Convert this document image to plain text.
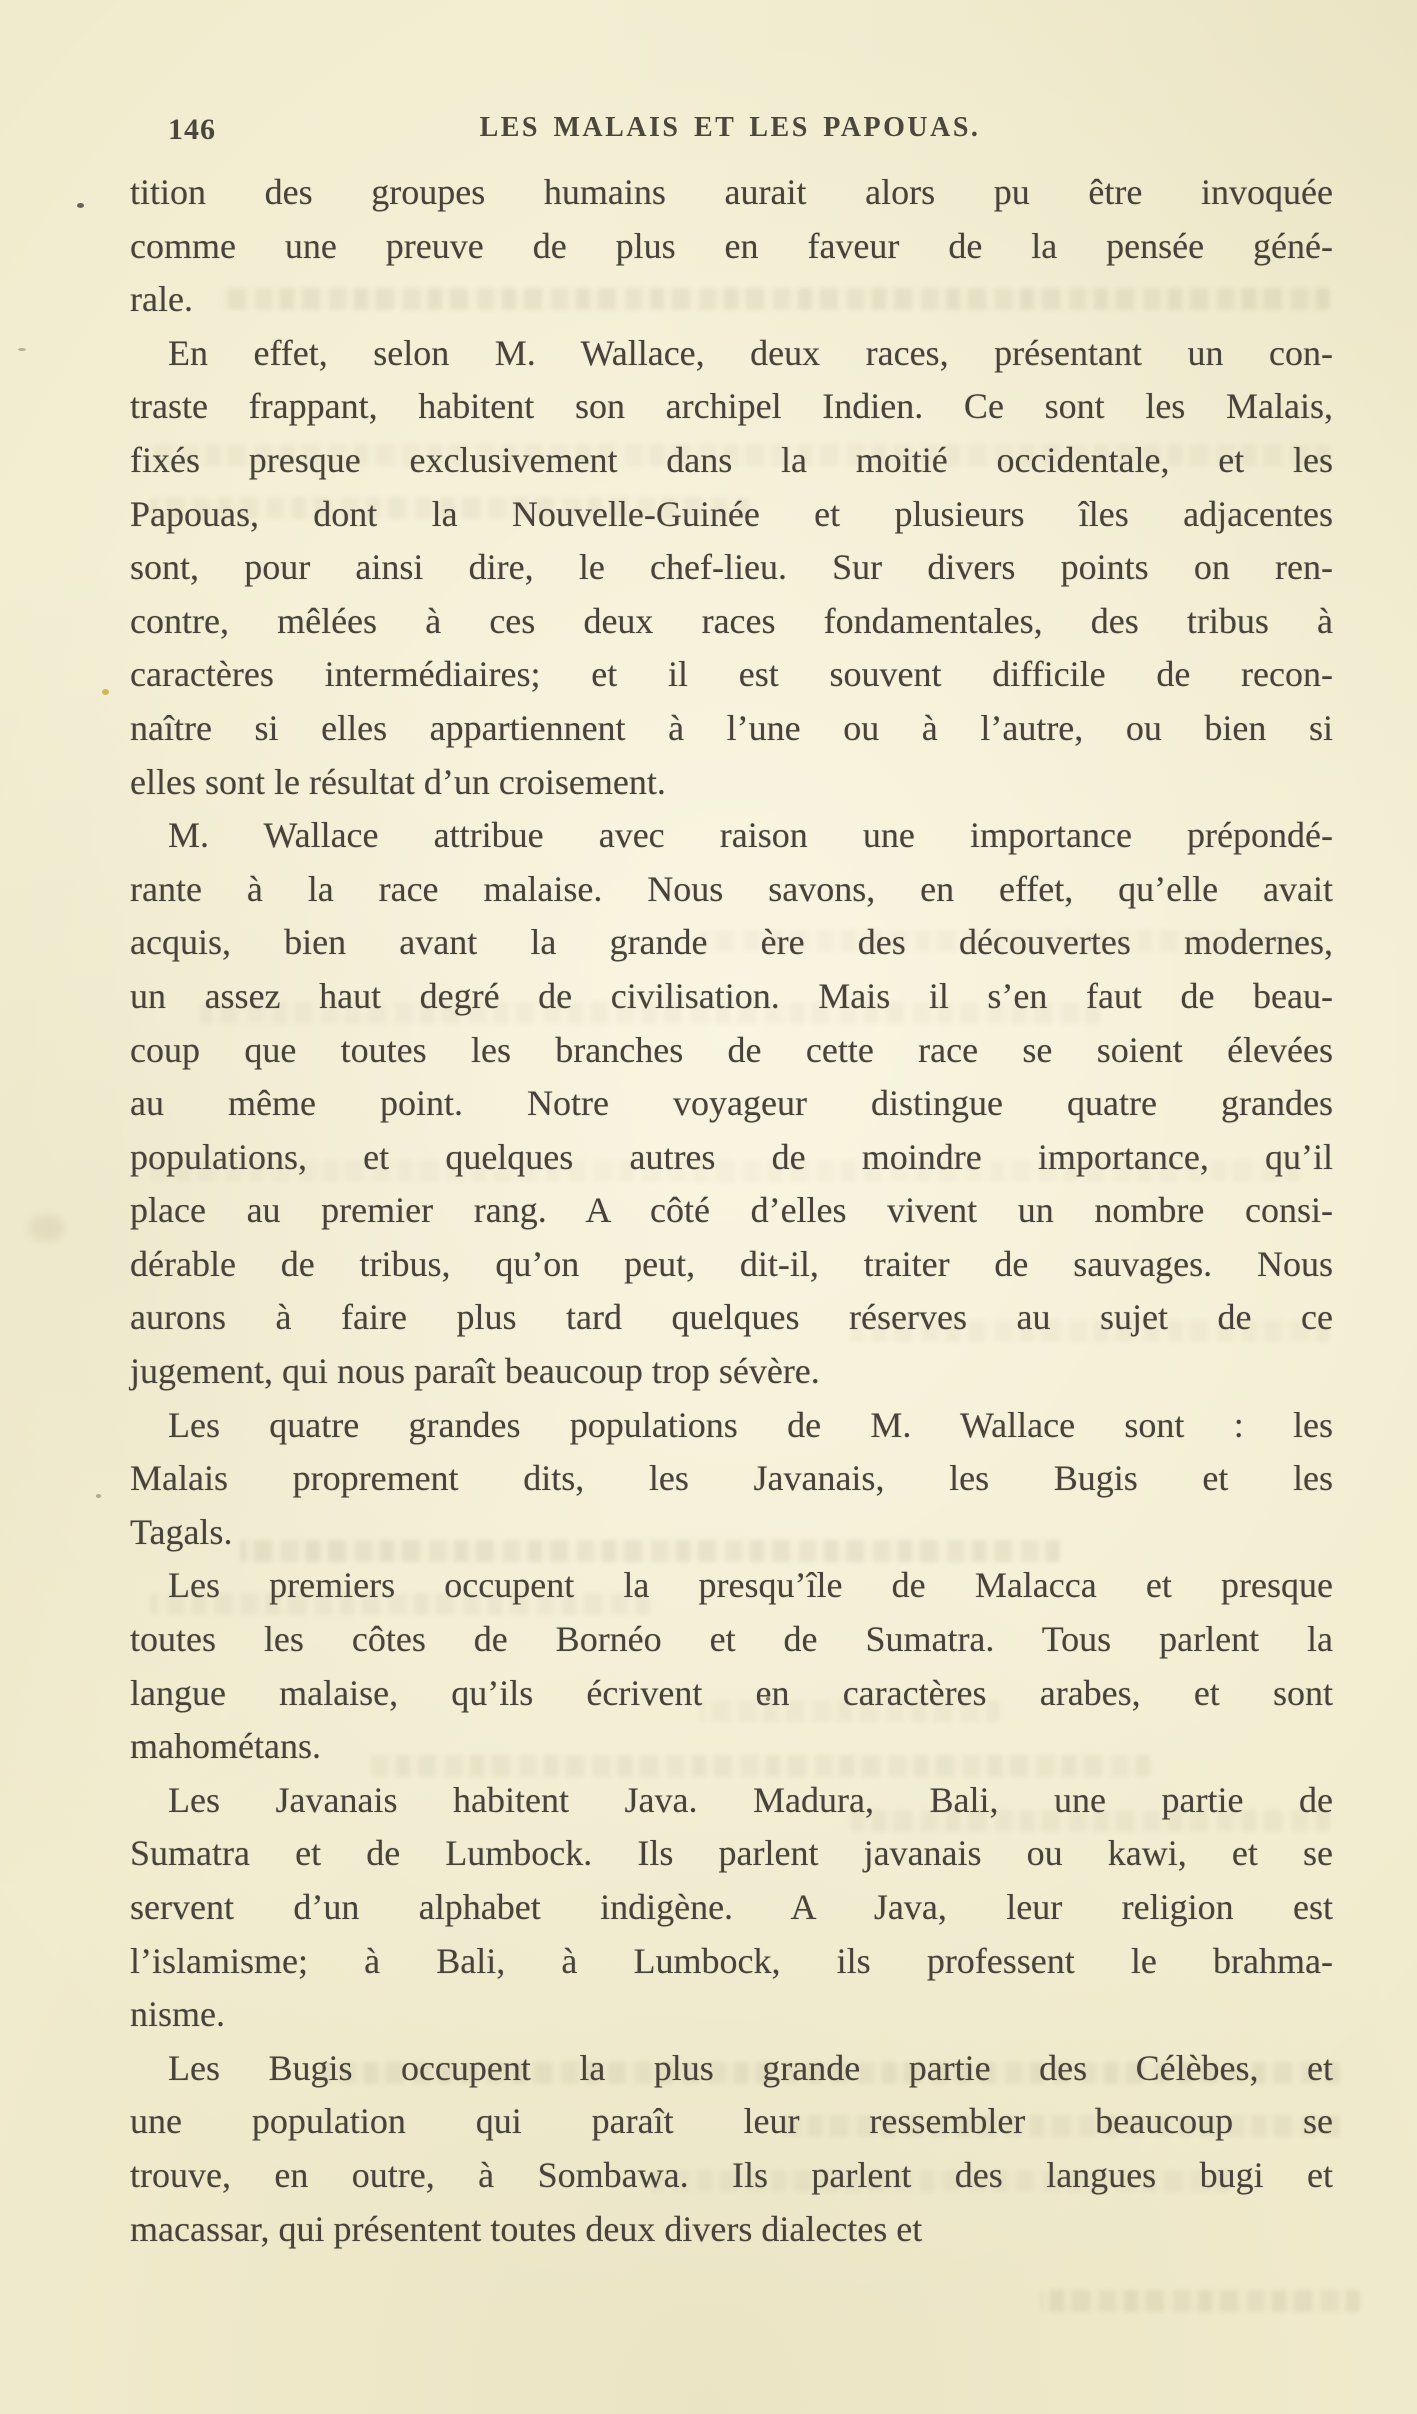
146	LES MALAIS ET LES PAPOUAS.
tition des groupes humains aurait alors pu être invoquée
comme une preuve de plus en faveur de la pensée géné-
rale.
En effet, selon M. Wallace, deux races, présentant un con-
traste frappant, habitent son archipel Indien. Ce sont les Malais,
fixés presque exclusivement dans la moitié occidentale, et les
Papouas, dont la Nouvelle-Guinée et plusieurs îles adjacentes
sont, pour ainsi dire, le chef-lieu. Sur divers points on ren-
contre, mêlées à ces deux races fondamentales, des tribus à
caractères intermédiaires; et il est souvent difficile de recon-
naître si elles appartiennent à l’une ou à l’autre, ou bien si
elles sont le résultat d’un croisement.
M. Wallace attribue avec raison une importance prépondé-
rante à la race malaise. Nous savons, en effet, qu’elle avait
acquis, bien avant la grande ère des découvertes modernes,
un assez haut degré de civilisation. Mais il s’en faut de beau-
coup que toutes les branches de cette race se soient élevées
au même point. Notre voyageur distingue quatre grandes
populations, et quelques autres de moindre importance, qu’il
place au premier rang. A côté d’elles vivent un nombre consi-
dérable de tribus, qu’on peut, dit-il, traiter de sauvages. Nous
aurons à faire plus tard quelques réserves au sujet de ce
jugement, qui nous paraît beaucoup trop sévère.
Les quatre grandes populations de M. Wallace sont : les
Malais proprement dits, les Javanais, les Bugis et les
Tagals.
Les premiers occupent la presqu’île de Malacca et presque
toutes les côtes de Bornéo et de Sumatra. Tous parlent la
langue malaise, qu’ils écrivent en caractères arabes, et sont
mahométans.
Les Javanais habitent Java. Madura, Bali, une partie de
Sumatra et de Lumbock. Ils parlent javanais ou kawi, et se
servent d’un alphabet indigène. A Java, leur religion est
l’islamisme; à Bali, à Lumbock, ils professent le brahma-
nisme.
Les Bugis occupent la plus grande partie des Célèbes, et
une population qui paraît leur ressembler beaucoup se
trouve, en outre, à Sombawa. Ils parlent des langues bugi et
macassar, qui présentent toutes deux divers dialectes et
